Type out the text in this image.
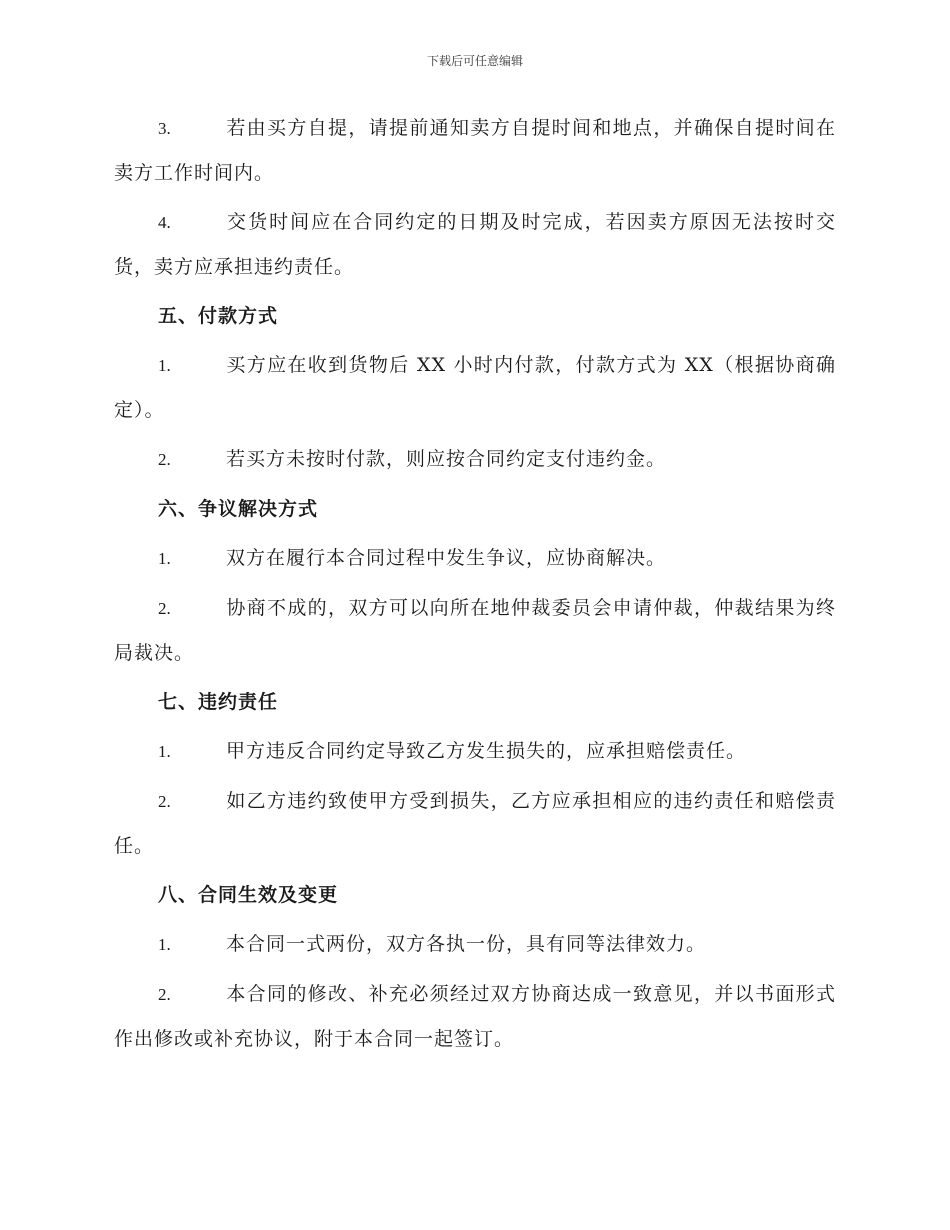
下载后可任意编辑

3.	若由买方自提，请提前通知卖方自提时间和地点，并确保自提时间在卖方工作时间内。

4.	交货时间应在合同约定的日期及时完成，若因卖方原因无法按时交货，卖方应承担违约责任。

五、付款方式

1.	买方应在收到货物后 XX 小时内付款，付款方式为 XX（根据协商确定）。

2.	若买方未按时付款，则应按合同约定支付违约金。

六、争议解决方式

1.	双方在履行本合同过程中发生争议，应协商解决。

2.	协商不成的，双方可以向所在地仲裁委员会申请仲裁，仲裁结果为终局裁决。

七、违约责任

1.	甲方违反合同约定导致乙方发生损失的，应承担赔偿责任。

2.	如乙方违约致使甲方受到损失，乙方应承担相应的违约责任和赔偿责任。

八、合同生效及变更

1.	本合同一式两份，双方各执一份，具有同等法律效力。

2.	本合同的修改、补充必须经过双方协商达成一致意见，并以书面形式作出修改或补充协议，附于本合同一起签订。
